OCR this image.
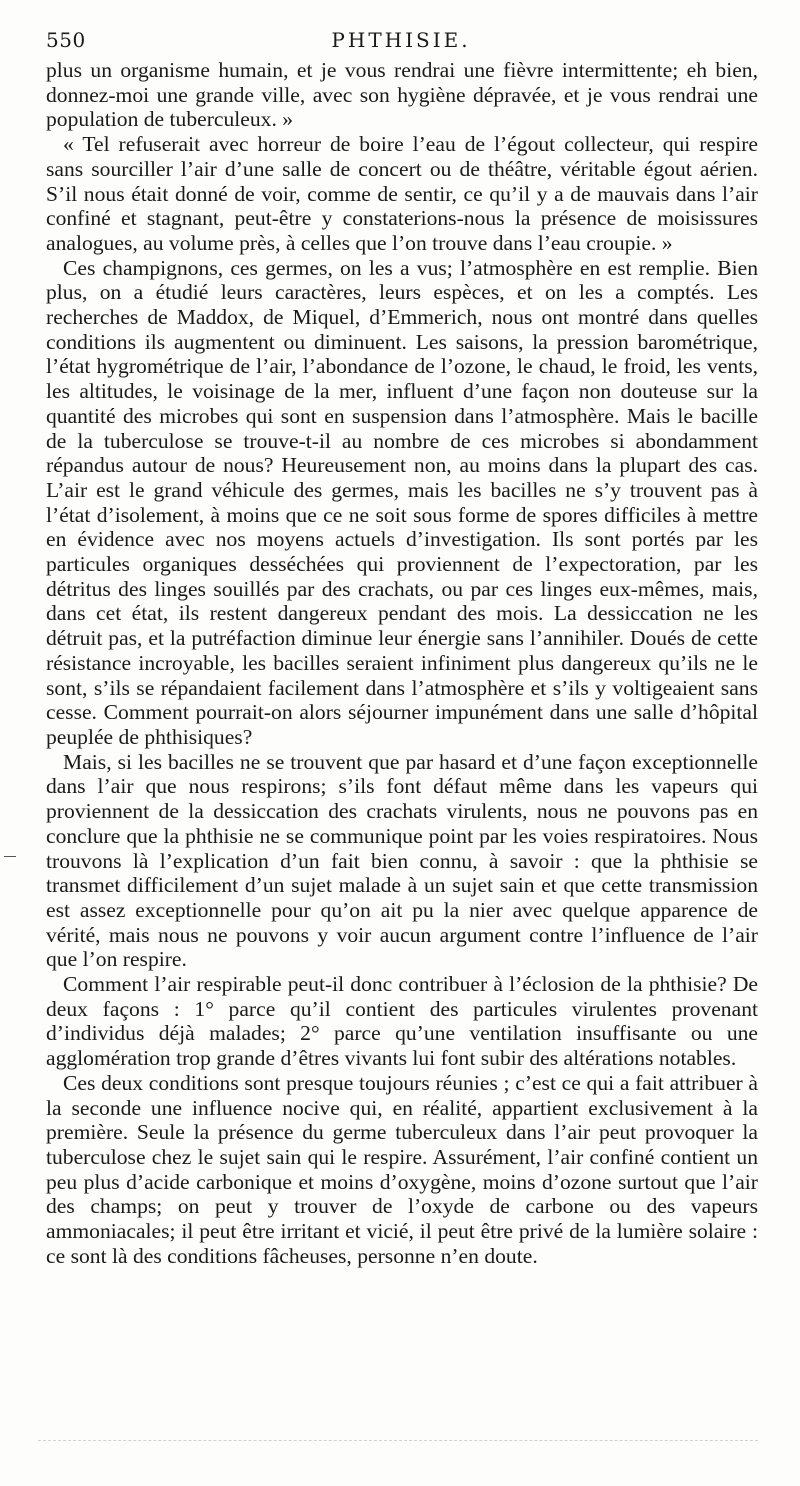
550	PHTHISIE.

plus un organisme humain, et je vous rendrai une fièvre intermittente; eh bien, donnez-moi une grande ville, avec son hygiène dépravée, et je vous rendrai une population de tuberculeux. »

« Tel refuserait avec horreur de boire l’eau de l’égout collecteur, qui respire sans sourciller l’air d’une salle de concert ou de théâtre, véritable égout aérien. S’il nous était donné de voir, comme de sentir, ce qu’il y a de mauvais dans l’air confiné et stagnant, peut-être y constaterions-nous la présence de moisissures analogues, au volume près, à celles que l’on trouve dans l’eau croupie. »

Ces champignons, ces germes, on les a vus; l’atmosphère en est remplie. Bien plus, on a étudié leurs caractères, leurs espèces, et on les a comptés. Les recherches de Maddox, de Miquel, d’Emmerich, nous ont montré dans quelles conditions ils augmentent ou diminuent. Les saisons, la pression barométrique, l’état hygrométrique de l’air, l’abondance de l’ozone, le chaud, le froid, les vents, les altitudes, le voisinage de la mer, influent d’une façon non douteuse sur la quantité des microbes qui sont en suspension dans l’atmosphère. Mais le bacille de la tuberculose se trouve-t-il au nombre de ces microbes si abondamment répandus autour de nous? Heureusement non, au moins dans la plupart des cas. L’air est le grand véhicule des germes, mais les bacilles ne s’y trouvent pas à l’état d’isolement, à moins que ce ne soit sous forme de spores difficiles à mettre en évidence avec nos moyens actuels d’investigation. Ils sont portés par les particules organiques desséchées qui proviennent de l’expectoration, par les détritus des linges souillés par des crachats, ou par ces linges eux-mêmes, mais, dans cet état, ils restent dangereux pendant des mois. La dessiccation ne les détruit pas, et la putréfaction diminue leur énergie sans l’annihiler. Doués de cette résistance incroyable, les bacilles seraient infiniment plus dangereux qu’ils ne le sont, s’ils se répandaient facilement dans l’atmosphère et s’ils y voltigeaient sans cesse. Comment pourrait-on alors séjourner impunément dans une salle d’hôpital peuplée de phthisiques?

Mais, si les bacilles ne se trouvent que par hasard et d’une façon exceptionnelle dans l’air que nous respirons; s’ils font défaut même dans les vapeurs qui proviennent de la dessiccation des crachats virulents, nous ne pouvons pas en conclure que la phthisie ne se communique point par les voies respiratoires. Nous trouvons là l’explication d’un fait bien connu, à savoir : que la phthisie se transmet difficilement d’un sujet malade à un sujet sain et que cette transmission est assez exceptionnelle pour qu’on ait pu la nier avec quelque apparence de vérité, mais nous ne pouvons y voir aucun argument contre l’influence de l’air que l’on respire.

Comment l’air respirable peut-il donc contribuer à l’éclosion de la phthisie? De deux façons : 1° parce qu’il contient des particules virulentes provenant d’individus déjà malades; 2° parce qu’une ventilation insuffisante ou une agglomération trop grande d’êtres vivants lui font subir des altérations notables.

Ces deux conditions sont presque toujours réunies ; c’est ce qui a fait attribuer à la seconde une influence nocive qui, en réalité, appartient exclusivement à la première. Seule la présence du germe tuberculeux dans l’air peut provoquer la tuberculose chez le sujet sain qui le respire. Assurément, l’air confiné contient un peu plus d’acide carbonique et moins d’oxygène, moins d’ozone surtout que l’air des champs; on peut y trouver de l’oxyde de carbone ou des vapeurs ammoniacales; il peut être irritant et vicié, il peut être privé de la lumière solaire : ce sont là des conditions fâcheuses, personne n’en doute.
